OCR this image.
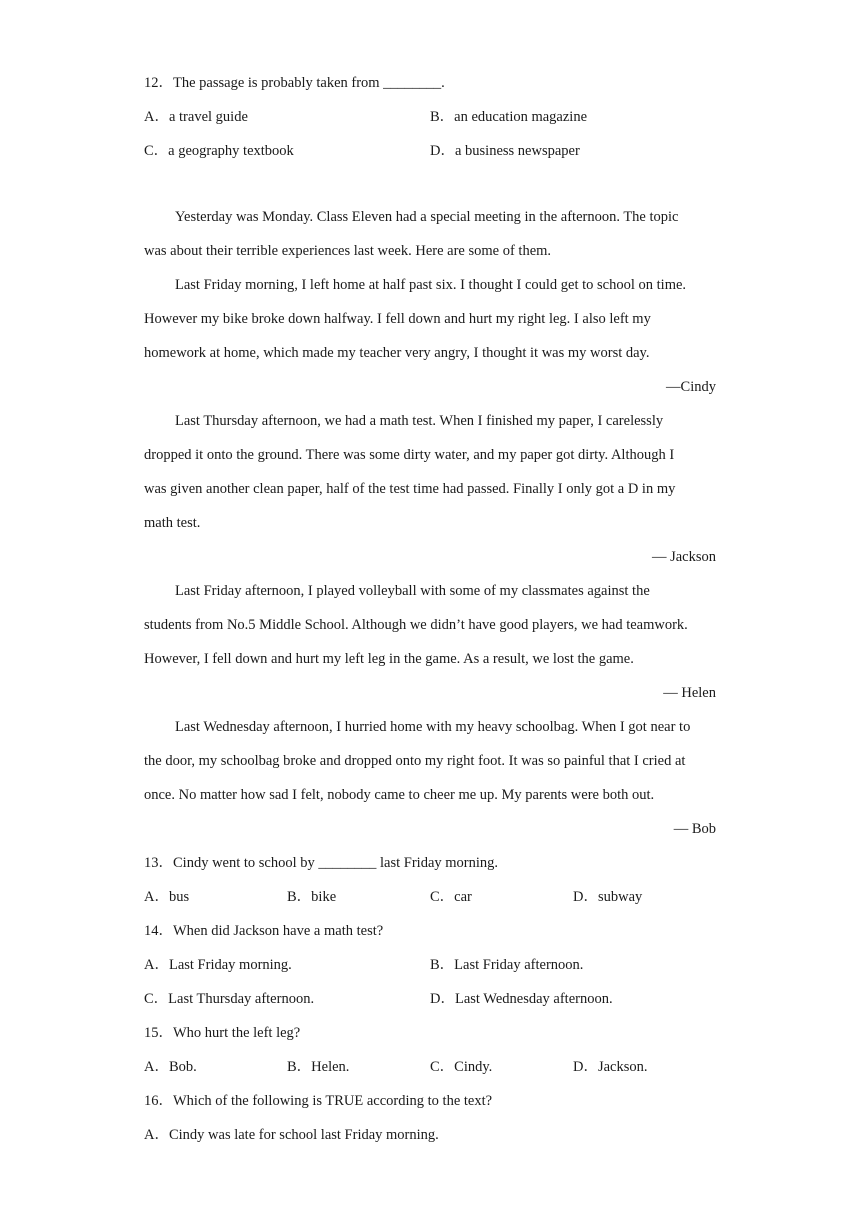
12．The passage is probably taken from ________.
A．a travel guide	B．an education magazine
C．a geography textbook	D．a business newspaper
Yesterday was Monday. Class Eleven had a special meeting in the afternoon. The topic
was about their terrible experiences last week. Here are some of them.
Last Friday morning, I left home at half past six. I thought I could get to school on time.
However my bike broke down halfway. I fell down and hurt my right leg. I also left my
homework at home, which made my teacher very angry, I thought it was my worst day.
—Cindy
Last Thursday afternoon, we had a math test. When I finished my paper, I carelessly
dropped it onto the ground. There was some dirty water, and my paper got dirty. Although I
was given another clean paper, half of the test time had passed. Finally I only got a D in my
math test.
— Jackson
Last Friday afternoon, I played volleyball with some of my classmates against the
students from No.5 Middle School. Although we didn’t have good players, we had teamwork.
However, I fell down and hurt my left leg in the game. As a result, we lost the game.
— Helen
Last Wednesday afternoon, I hurried home with my heavy schoolbag. When I got near to
the door, my schoolbag broke and dropped onto my right foot. It was so painful that I cried at
once. No matter how sad I felt, nobody came to cheer me up. My parents were both out.
— Bob
13．Cindy went to school by ________ last Friday morning.
A．bus	B．bike	C．car	D．subway
14．When did Jackson have a math test?
A．Last Friday morning.	B．Last Friday afternoon.
C．Last Thursday afternoon.	D．Last Wednesday afternoon.
15．Who hurt the left leg?
A．Bob.	B．Helen.	C．Cindy.	D．Jackson.
16．Which of the following is TRUE according to the text?
A．Cindy was late for school last Friday morning.
